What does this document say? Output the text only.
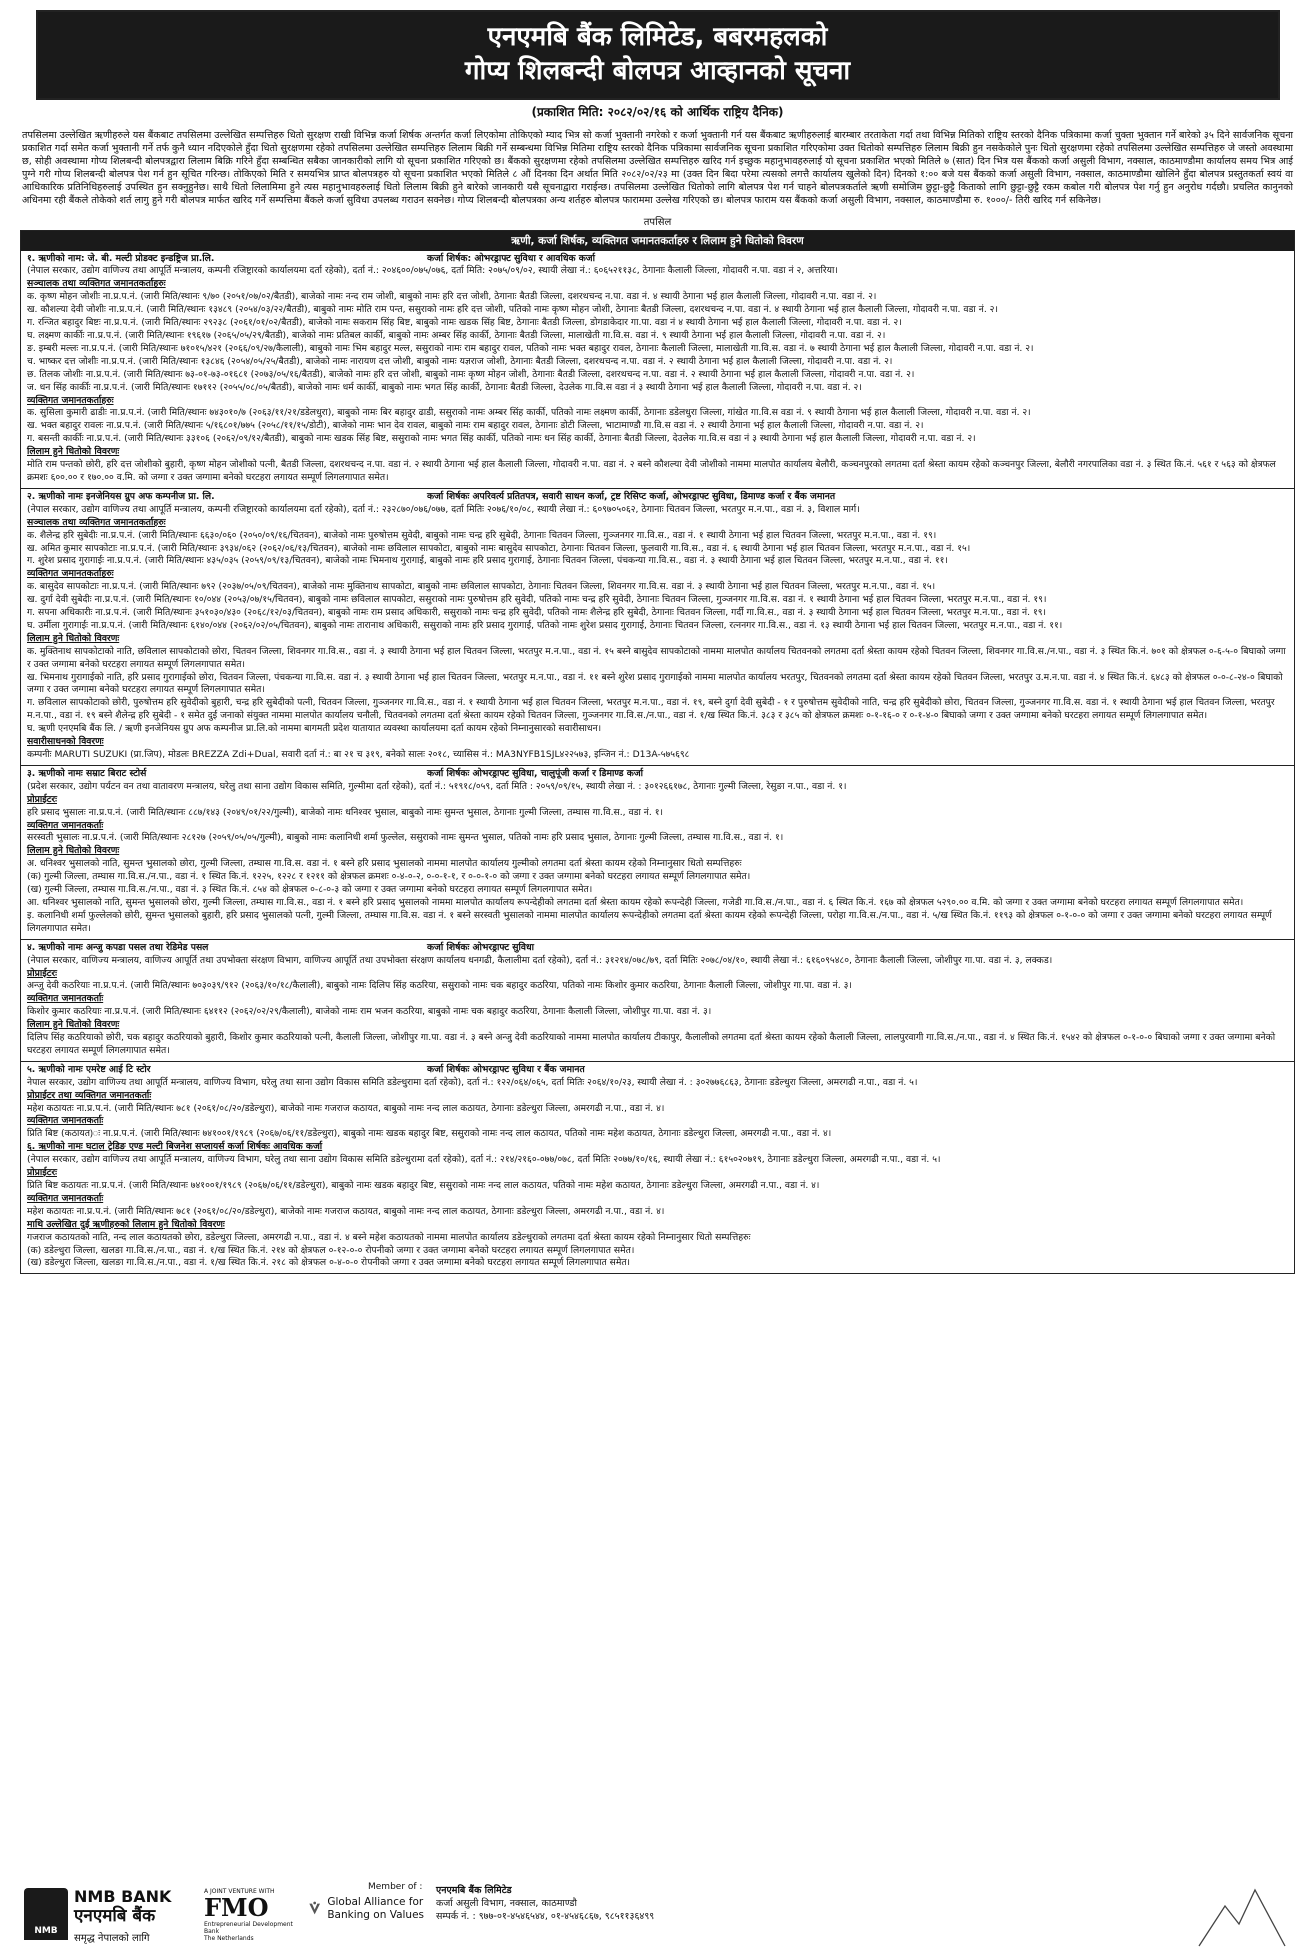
एनएमबि बैंक लिमिटेड, बबरमहलको
गोप्य शिलबन्दी बोलपत्र आव्हानको सूचना
(प्रकाशित मिति: २०८२/०२/१६ को आर्थिक राष्ट्रिय दैनिक)
तपसिलमा उल्लेखित ऋणीहरुले यस बैंकबाट तपसिलमा उल्लेखित सम्पत्तिहरु धितो सुरक्षण राखी विभिन्न कर्जा शिर्षक अन्तर्गत कर्जा लिएकोमा तोकिएको म्याद भित्र सो कर्जा भुक्तानी नगरेको र कर्जा भुक्तानी गर्न यस बैंकबाट ऋणीहरुलाई बारम्बार तरताकेता गर्दा तथा विभिन्न मितिको राष्ट्रिय स्तरको दैनिक पत्रिकामा कर्जा चुक्ता भुक्तान गर्ने बारेको ३५ दिने सार्वजनिक सूचना प्रकाशित गर्दा समेत कर्जा भुक्तानी गर्ने तर्फ कुनै ध्यान नदिएकोले हुँदा धितो सुरक्षणमा रहेको तपसिलमा उल्लेखित सम्पत्तिहरु लिलाम बिक्री गर्ने सम्बन्धमा विभिन्न मितिमा राष्ट्रिय स्तरको दैनिक पत्रिकामा सार्वजनिक सूचना प्रकाशित गरिएकोमा उक्त धितोको सम्पत्तिहरु लिलाम बिक्री हुन नसकेकोले पुनः धितो सुरक्षणमा रहेको तपसिलमा उल्लेखित सम्पत्तिहरु जे जस्तो अवस्थामा छ, सोही अवस्थामा गोप्य शिलबन्दी बोलपत्रद्वारा लिलाम बिक्रि गरिने हुँदा सम्बन्धित सबैका जानकारीको लागि यो सूचना प्रकाशित गरिएको छ। बैंकको सुरक्षणमा रहेको तपसिलमा उल्लेखित सम्पत्तिहरु खरिद गर्न इच्छुक महानुभावहरुलाई यो सूचना प्रकाशित भएको मितिले ७ (सात) दिन भित्र यस बैंकको कर्जा असुली विभाग, नक्साल, काठमाण्डौमा कार्यालय समय भित्र आई पुग्ने गरी गोप्य शिलबन्दी बोलपत्र पेश गर्न हुन सूचित गरिन्छ। तोकिएको मिति र समयभित्र प्राप्त बोलपत्रहरु यो सूचना प्रकाशित भएको मितिले ८ औं दिनका दिन अर्थात मिति २०८२/०२/२३ मा (उक्त दिन बिदा परेमा त्यसको लगत्तै कार्यालय खुलेको दिन) दिनको १:०० बजे यस बैंकको कर्जा असुली विभाग, नक्साल, काठमाण्डौमा खोलिने हुँदा बोलपत्र प्रस्तुतकर्ता स्वयं वा आधिकारिक प्रतिनिधिहरुलाई उपस्थित हुन सक्नुहुनेछ। साथै धितो लिलामिमा हुने त्यस महानुभावहरुलाई धितो लिलाम बिक्री हुने बारेको जानकारी यसै सूचनाद्वारा गराईन्छ। तपसिलमा उल्लेखित धितोको लागि बोलपत्र पेश गर्न चाहने बोलपत्रकर्ताले ऋणी समोजिम छुट्टा-छुट्टै किताको लागि छुट्टा-छुट्टै रकम कबोल गरी बोलपत्र पेश गर्नु हुन अनुरोध गर्दछौ। प्रचलित कानुनको अधिनमा रही बैंकले तोकेको शर्त लागु हुने गरी बोलपत्र मार्फत खरिद गर्ने सम्पत्तिमा बैंकले कर्जा सुविधा उपलब्ध गराउन सक्नेछ। गोप्य शिलबन्दी बोलपत्रका अन्य शर्तहरु बोलपत्र फाराममा उल्लेख गरिएको छ। बोलपत्र फाराम यस बैंकको कर्जा असुली विभाग, नक्साल, काठमाण्डौमा रु. १०००/- तिरी खरिद गर्न सकिनेछ।
तपसिल
ऋणी, कर्जा शिर्षक, व्यक्तिगत जमानतकर्ताहरु र लिलाम हुने धितोको विवरण
१. ऋणीको नाम: जे. बी. मल्टी प्रोडक्ट इन्डष्ट्रिज प्रा.लि.	कर्जा शिर्षक: ओभरड्राफ्ट सुविधा र आवधिक कर्जा
(नेपाल सरकार, उद्योग वाणिज्य तथा आपूर्ति मन्त्रालय, कम्पनी रजिष्ट्रारको कार्यालयमा दर्ता रहेको), दर्ता नं.: २०४६००/०७५/०७६, दर्ता मिति: २०७५/०९/०२, स्थायी लेखा नं.: ६०६५२११३८, ठेगानाः कैलाली जिल्ला, गोदावरी न.पा. वडा नं २, अत्तरिया।
सञ्चालक तथा व्यक्तिगत जमानतकर्ताहरुः
क. कृष्ण मोहन जोशीः ना.प्र.प.नं. (जारी मिति/स्थानः ९/७० (२०५१/०७/०२/बैतडी), बाजेको नामः नन्द राम जोशी, बाबुको नामः हरि दत्त जोशी, ठेगानाः बैतडी जिल्ला, दशरथचन्द न.पा. वडा नं. ४ स्थायी ठेगाना भई हाल कैलाली जिल्ला, गोदावरी न.पा. वडा नं. २।
ख. कौशल्या देवी जोशीः ना.प्र.प.नं. (जारी मिति/स्थानः १३४८९ (२०५४/०३/२२/बैतडी), बाबुको नामः मोति राम पन्त, ससुराको नामः हरि दत्त जोशी, पतिको नामः कृष्ण मोहन जोशी, ठेगानाः बैतडी जिल्ला, दशरथचन्द न.पा. वडा नं. ४ स्थायी ठेगाना भई हाल कैलाली जिल्ला, गोदावरी न.पा. वडा नं. २।
ग. रन्जित बहादुर बिष्टः ना.प्र.प.नं. (जारी मिति/स्थानः २९२३८ (२०६१/०१/०२/बैतडी), बाजेको नामः सकराम सिंह बिष्ट, बाबुको नामः खडक सिंह बिष्ट, ठेगानाः बैतडी जिल्ला, डोगडाकेदार गा.पा. वडा नं ४ स्थायी ठेगाना भई हाल कैलाली जिल्ला, गोदावरी न.पा. वडा नं. २।
घ. लक्ष्मण कार्कीः ना.प्र.प.नं. (जारी मिति/स्थानः १९६१७ (२०६५/०५/२९/बैतडी), बाजेको नामः प्रतिबल कार्की, बाबुको नामः अम्बर सिंह कार्की, ठेगानाः बैतडी जिल्ला, मालाखेती गा.वि.स. वडा नं. ९ स्थायी ठेगाना भई हाल कैलाली जिल्ला, गोदावरी न.पा. वडा नं. २।
ङ. इम्बरी मल्लः ना.प्र.प.नं. (जारी मिति/स्थानः ७१०१५/४२१ (२०६६/०९/२७/कैलाली), बाबुको नामः भिम बहादुर मल्ल, ससुराको नामः राम बहादुर रावल, पतिको नामः भक्त बहादुर रावल, ठेगानाः कैलाली जिल्ला, मालाखेती गा.वि.स. वडा नं. ७ स्थायी ठेगाना भई हाल कैलाली जिल्ला, गोदावरी न.पा. वडा नं. २।
च. भाष्कर दत्त जोशीः ना.प्र.प.नं. (जारी मिति/स्थानः १३८४६ (२०५४/०५/२५/बैतडी), बाजेको नामः नारायण दत्त जोशी, बाबुको नामः यज्ञराज जोशी, ठेगानाः बैतडी जिल्ला, दशरथचन्द न.पा. वडा नं. २ स्थायी ठेगाना भई हाल कैलाली जिल्ला, गोदावरी न.पा. वडा नं. २।
छ. तिलक जोशीः ना.प्र.प.नं. (जारी मिति/स्थानः ७३-०१-७३-०१६८१ (२०७३/०५/१६/बैतडी), बाजेको नामः हरि दत्त जोशी, बाबुको नामः कृष्ण मोहन जोशी, ठेगानाः बैतडी जिल्ला, दशरथचन्द न.पा. वडा नं. २ स्थायी ठेगाना भई हाल कैलाली जिल्ला, गोदावरी न.पा. वडा नं. २।
ज. धन सिंह कार्कीः ना.प्र.प.नं. (जारी मिति/स्थानः १७११२ (२०५५/०८/०५/बैतडी), बाजेको नामः धर्म कार्की, बाबुको नामः भगत सिंह कार्की, ठेगानाः बैतडी जिल्ला, देउलेक गा.वि.स वडा नं ३ स्थायी ठेगाना भई हाल कैलाली जिल्ला, गोदावरी न.पा. वडा नं. २।
व्यक्तिगत जमानतकर्ताहरुः
क. सुसिला कुमारी ढाडीः ना.प्र.प.नं. (जारी मिति/स्थानः ७४३०१०/७ (२०६३/११/२१/डडेलधुरा), बाबुको नामः बिर बहादुर ढाडी, ससुराको नामः अम्बर सिंह कार्की, पतिको नामः लक्ष्मण कार्की, ठेगानाः डडेलधुरा जिल्ला, गांखेत गा.वि.स वडा नं. ९ स्थायी ठेगाना भई हाल कैलाली जिल्ला, गोदावरी न.पा. वडा नं. २।
ख. भक्त बहादुर रावलः ना.प्र.प.नं. (जारी मिति/स्थानः ५/१६८०१/७७५ (२०५८/११/१५/डोटी), बाजेको नामः भान देव रावल, बाबुको नामः राम बहादुर रावल, ठेगानाः डोटी जिल्ला, भाटामाण्डौ गा.वि.स वडा नं. २ स्थायी ठेगाना भई हाल कैलाली जिल्ला, गोदावरी न.पा. वडा नं. २।
ग. बसन्ती कार्कीः ना.प्र.प.नं. (जारी मिति/स्थानः ३३१०६ (२०६२/०९/१२/बैतडी), बाबुको नामः खडक सिंह बिष्ट, ससुराको नामः भगत सिंह कार्की, पतिको नामः धन सिंह कार्की, ठेगानाः बैतडी जिल्ला, देउलेक गा.वि.स वडा नं ३ स्थायी ठेगाना भई हाल कैलाली जिल्ला, गोदावरी न.पा. वडा नं. २।
लिलाम हुने धितोको विवरणः
मोति राम पन्तको छोरी, हरि दत्त जोशीको बुहारी, कृष्ण मोहन जोशीको पत्नी, बैतडी जिल्ला, दशरथचन्द न.पा. वडा नं. २ स्थायी ठेगाना भई हाल कैलाली जिल्ला, गोदावरी न.पा. वडा नं. २ बस्ने कौशल्या देवी जोशीको नाममा मालपोत कार्यालय बेलौरी, कञ्चनपुरको लगतमा दर्ता श्रेस्ता कायम रहेको कञ्चनपुर जिल्ला, बेलौरी नगरपालिका वडा नं. ३ स्थित कि.नं. ५६१ र ५६३ को क्षेत्रफल क्रमशः ६००.०० र १७०.०० व.मि. को जग्गा र उक्त जग्गामा बनेको घरटहरा लगायत सम्पूर्ण लिगलगापात समेत।
२. ऋणीको नामः इनजेनियस ग्रुप अफ कम्पनीज प्रा. लि.	कर्जा शिर्षकः अपरिवर्त्य प्रतितपत्र, सवारी साधन कर्जा, ट्रष्ट रिसिप्ट कर्जा, ओभरड्राफ्ट सुविधा, डिमाण्ड कर्जा र बैंक जमानत
(नेपाल सरकार, उद्योग वाणिज्य तथा आपूर्ति मन्त्रालय, कम्पनी रजिष्ट्रारको कार्यालयमा दर्ता रहेको), दर्ता नं.: २३२८७०/०७६/०७७, दर्ता मितिः २०७६/१०/०८, स्थायी लेखा नं.: ६०९७०५०६२, ठेगानाः चितवन जिल्ला, भरतपुर म.न.पा., वडा नं. ३, विशाल मार्ग।
सञ्चालक तथा व्यक्तिगत जमानतकर्ताहरुः
क. शैलेन्द्र हरि सुबेदीः ना.प्र.प.नं. (जारी मिति/स्थानः ६६३०/०६० (२०५०/०९/१६/चितवन), बाजेको नामः पुरुषोत्तम सुवेदी, बाबुको नामः चन्द्र हरि सुबेदी, ठेगानाः चितवन जिल्ला, गुञ्जनगर गा.वि.स., वडा नं. १ स्थायी ठेगाना भई हाल चितवन जिल्ला, भरतपुर म.न.पा., वडा नं. १९।
ख. अमित कुमार सापकोटाः ना.प्र.प.नं. (जारी मिति/स्थानः ३९३४/०६२ (२०६२/०६/१३/चितवन), बाजेको नामः छविलाल सापकोटा, बाबुको नामः बासुदेव सापकोटा, ठेगानाः चितवन जिल्ला, फुलवारी गा.वि.स., वडा नं. ६ स्थायी ठेगाना भई हाल चितवन जिल्ला, भरतपुर म.न.पा., वडा नं. १५।
ग. शुरेश प्रसाद गुरागाईः ना.प्र.प.नं. (जारी मिति/स्थानः ४३५/०३५ (२०५९/०९/१३/चितवन), बाजेको नामः भिमनाथ गुरागाई, बाबुको नामः हरि प्रसाद गुरागाई, ठेगानाः चितवन जिल्ला, पंचकन्या गा.वि.स., वडा नं. ३ स्थायी ठेगाना भई हाल चितवन जिल्ला, भरतपुर म.न.पा., वडा नं. ११।
व्यक्तिगत जमानतकर्ताहरुः
क. बासुदेव सापकोटाः ना.प्र.प.नं. (जारी मिति/स्थानः ७९२ (२०३७/०५/०९/चितवन), बाजेको नामः मुक्तिनाथ सापकोटा, बाबुको नामः छविलाल सापकोटा, ठेगानाः चितवन जिल्ला, शिवनगर गा.वि.स. वडा नं. ३ स्थायी ठेगाना भई हाल चितवन जिल्ला, भरतपुर म.न.पा., वडा नं. १५।
ख. दुर्गा देवी सुबेदीः ना.प्र.प.नं. (जारी मिति/स्थानः १०/०४४ (२०५३/०७/१५/चितवन), बाबुको नामः छविलाल सापकोटा, ससुराको नामः पुरुषोत्तम हरि सुवेदी, पतिको नामः चन्द्र हरि सुवेदी, ठेगानाः चितवन जिल्ला, गुञ्जनगर गा.वि.स. वडा नं. १ स्थायी ठेगाना भई हाल चितवन जिल्ला, भरतपुर म.न.पा., वडा नं. १९।
ग. सपना अधिकारीः ना.प्र.प.नं. (जारी मिति/स्थानः ३५१०३०/४३० (२०६८/१२/०३/चितवन), बाबुको नामः राम प्रसाद अधिकारी, ससुराको नामः चन्द्र हरि सुवेदी, पतिको नामः शैलेन्द्र हरि सुबेदी, ठेगानाः चितवन जिल्ला, गर्दी गा.वि.स., वडा नं. ३ स्थायी ठेगाना भई हाल चितवन जिल्ला, भरतपुर म.न.पा., वडा नं. १९।
घ. उर्मीला गुरागाईः ना.प्र.प.नं. (जारी मिति/स्थानः ६१४०/०४४ (२०६२/०२/०५/चितवन), बाबुको नामः तारानाथ अधिकारी, ससुराको नामः हरि प्रसाद गुरागाई, पतिको नामः शुरेश प्रसाद गुरागाई, ठेगानाः चितवन जिल्ला, रत्ननगर गा.वि.स., वडा नं. १३ स्थायी ठेगाना भई हाल चितवन जिल्ला, भरतपुर म.न.पा., वडा नं. ११।
लिलाम हुने धितोको विवरणः
क. मुक्तिनाथ सापकोटाको नाति, छविलाल सापकोटाको छोरा, चितवन जिल्ला, शिवनगर गा.वि.स., वडा नं. ३ स्थायी ठेगाना भई हाल चितवन जिल्ला, भरतपुर म.न.पा., वडा नं. १५ बस्ने बासुदेव सापकोटाको नाममा मालपोत कार्यालय चितवनको लगतमा दर्ता श्रेस्ता कायम रहेको चितवन जिल्ला, शिवनगर गा.वि.स./न.पा., वडा नं. ३ स्थित कि.नं. ७०१ को क्षेत्रफल ०-६-५-० बिघाको जग्गा र उक्त जग्गामा बनेको घरटहरा लगायत सम्पूर्ण लिगलगापात समेत।
ख. भिमनाथ गुरागाईको नाति, हरि प्रसाद गुरागाईको छोरा, चितवन जिल्ला, पंचकन्या गा.वि.स. वडा नं. ३ स्थायी ठेगाना भई हाल चितवन जिल्ला, भरतपुर म.न.पा., वडा नं. ११ बस्ने शुरेश प्रसाद गुरागाईको नाममा मालपोत कार्यालय भरतपुर, चितवनको लगतमा दर्ता श्रेस्ता कायम रहेको चितवन जिल्ला, भरतपुर उ.म.न.पा. वडा नं. ४ स्थित कि.नं. ६४८३ को क्षेत्रफल ०-०-८-२४-० बिघाको जग्गा र उक्त जग्गामा बनेको घरटहरा लगायत सम्पूर्ण लिगलगापात समेत।
ग. छविलाल सापकोटाको छोरी, पुरुषोत्तम हरि सुवेदीको बुहारी, चन्द्र हरि सुबेदीको पत्नी, चितवन जिल्ला, गुञ्जनगर गा.वि.स., वडा नं. १ स्थायी ठेगाना भई हाल चितवन जिल्ला, भरतपुर म.न.पा., वडा नं. १९, बस्ने दुर्गा देवी सुबेदी - १ र पुरुषोत्तम सुवेदीको नाति, चन्द्र हरि सुबेदीको छोरा, चितवन जिल्ला, गुञ्जनगर गा.वि.स. वडा नं. १ स्थायी ठेगाना भई हाल चितवन जिल्ला, भरतपुर म.न.पा., वडा नं. १९ बस्ने शैलेन्द्र हरि सुबेदी - १ समेत दुई जनाको संयुक्त नाममा मालपोत कार्यालय चनौली, चितवनको लगतमा दर्ता श्रेस्ता कायम रहेको चितवन जिल्ला, गुञ्जनगर गा.वि.स./न.पा., वडा नं. १/ख स्थित कि.नं. ३८३ र ३८५ को क्षेत्रफल क्रमशः ०-१-१६-० र ०-१-४-० बिघाको जग्गा र उक्त जग्गामा बनेको घरटहरा लगायत सम्पूर्ण लिगलगापात समेत।
घ. ऋणी एनएमबि बैंक लि. / ऋणी इनजेनियस ग्रुप अफ कम्पनीज प्रा.लि.को नाममा बागमती प्रदेश यातायात व्यवस्था कार्यालयमा दर्ता कायम रहेको निम्नानुसारको सवारीसाधन।
सवारीसाधनको विवरणः
कम्पनीः MARUTI SUZUKI (प्रा.जिप), मोडलः BREZZA Zdi+Dual, सवारी दर्ता नं.: बा २१ च ३१९, बनेको सालः २०१८, च्यासिस नं.: MA3NYFB1SJL४२२५७३, इन्जिन नं.: D13A-५७५६९८
३. ऋणीको नामः सम्राट बिराट स्टोर्स	कर्जा शिर्षकः ओभरड्राफ्ट सुविधा, चालुपूंजी कर्जा र डिमाण्ड कर्जा
(प्रदेश सरकार, उद्योग पर्यटन वन तथा वातावरण मन्त्रालय, घरेलु तथा साना उद्योग विकास समिति, गुल्मीमा दर्ता रहेको), दर्ता नं.: ५१९१८/०५९, दर्ता मिति : २०५९/०९/१५, स्थायी लेखा नं. : ३०१२६६१७८, ठेगानाः गुल्मी जिल्ला, रेसुङा न.पा., वडा नं. १।
प्रोप्राईटरः
हरि प्रसाद भुसालः ना.प्र.प.नं. (जारी मिति/स्थानः ८८७/१४३ (२०४९/०१/२२/गुल्मी), बाजेको नामः धनिश्वर भुसाल, बाबुको नामः सुमन्त भुसाल, ठेगानाः गुल्मी जिल्ला, तम्घास गा.वि.स., वडा नं. १।
व्यक्तिगत जमानतकर्ताः
सरस्वती भुसालः ना.प्र.प.नं. (जारी मिति/स्थानः २८१२७ (२०५९/०५/०५/गुल्मी), बाबुको नामः कलानिधी शर्मा फुल्लेल, ससुराको नामः सुमन्त भुसाल, पतिको नामः हरि प्रसाद भुसाल, ठेगानाः गुल्मी जिल्ला, तम्घास गा.वि.स., वडा नं. १।
लिलाम हुने धितोको विवरणः
अ. धनिश्वर भुसालको नाति, सुमन्त भुसालको छोरा, गुल्मी जिल्ला, तम्घास गा.वि.स. वडा नं. १ बस्ने हरि प्रसाद भुसालको नाममा मालपोत कार्यालय गुल्मीको लगतमा दर्ता श्रेस्ता कायम रहेको निम्नानुसार धितो सम्पत्तिहरुः
(क) गुल्मी जिल्ला, तम्घास गा.वि.स./न.पा., वडा नं. १ स्थित कि.नं. १२२५, १२२८ र १२११ को क्षेत्रफल क्रमशः ०-४-०-२, ०-०-१-१, र ०-०-१-० को जग्गा र उक्त जग्गामा बनेको घरटहरा लगायत सम्पूर्ण लिगलगापात समेत।
(ख) गुल्मी जिल्ला, तम्घास गा.वि.स./न.पा., वडा नं. ३ स्थित कि.नं. ८५४ को क्षेत्रफल ०-८-०-३ को जग्गा र उक्त जग्गामा बनेको घरटहरा लगायत सम्पूर्ण लिगलगापात समेत।
आ. धनिश्वर भुसालको नाति, सुमन्त भुसालको छोरा, गुल्मी जिल्ला, तम्घास गा.वि.स., वडा नं. १ बस्ने हरि प्रसाद भुसालको नाममा मालपोत कार्यालय रूपन्देहीको लगतमा दर्ता श्रेस्ता कायम रहेको रूपन्देही जिल्ला, गजेडी गा.वि.स./न.पा., वडा नं. ६ स्थित कि.नं. १६७ को क्षेत्रफल ५२९०.०० व.मि. को जग्गा र उक्त जग्गामा बनेको घरटहरा लगायत सम्पूर्ण लिगलगापात समेत।
इ. कलानिधी शर्मा फुल्लेलको छोरी, सुमन्त भुसालको बुहारी, हरि प्रसाद भुसालको पत्नी, गुल्मी जिल्ला, तम्घास गा.वि.स. वडा नं. १ बस्ने सरस्वती भुसालको नाममा मालपोत कार्यालय रूपन्देहीको लगतमा दर्ता श्रेस्ता कायम रहेको रूपन्देही जिल्ला, परोहा गा.वि.स./न.पा., वडा नं. ५/ख स्थित कि.नं. ११९३ को क्षेत्रफल ०-१-०-० को जग्गा र उक्त जग्गामा बनेको घरटहरा लगायत सम्पूर्ण लिगलगापात समेत।
४. ऋणीको नामः अन्जु कपडा पसल तथा रेडिमेड पसल	कर्जा शिर्षकः ओभरड्राफ्ट सुविधा
(नेपाल सरकार, वाणिज्य मन्त्रालय, वाणिज्य आपूर्ति तथा उपभोक्ता संरक्षण विभाग, वाणिज्य आपूर्ति तथा उपभोक्ता संरक्षण कार्यालय धनगढी, कैलालीमा दर्ता रहेको), दर्ता नं.: ३१२१४/०७८/७९, दर्ता मितिः २०७८/०४/१०, स्थायी लेखा नं.: ६१६०९५४८०, ठेगानाः कैलाली जिल्ला, जोशीपुर गा.पा. वडा नं. ३, लक्कड।
प्रोप्राईटरः
अन्जु देवी कठरियाः ना.प्र.प.नं. (जारी मिति/स्थानः ७०३०३९/९१२ (२०६३/१०/१८/कैलाली), बाबुको नामः दिलिप सिंह कठरिया, ससुराको नामः चक बहादुर कठरिया, पतिको नामः किशोर कुमार कठरिया, ठेगानाः कैलाली जिल्ला, जोशीपुर गा.पा. वडा नं. ३।
व्यक्तिगत जमानतकर्ताः
किशोर कुमार कठरियाः ना.प्र.प.नं. (जारी मिति/स्थानः ६४११२ (२०६२/०२/२९/कैलाली), बाजेको नामः राम भजन कठरिया, बाबुको नामः चक बहादुर कठरिया, ठेगानाः कैलाली जिल्ला, जोशीपुर गा.पा. वडा नं. ३।
लिलाम हुने धितोको विवरणः
दिलिप सिंह कठरियाको छोरी, चक बहादुर कठरियाको बुहारी, किशोर कुमार कठरियाको पत्नी, कैलाली जिल्ला, जोशीपुर गा.पा. वडा नं. ३ बस्ने अन्जु देवी कठरियाको नाममा मालपोत कार्यालय टीकापुर, कैलालीको लगतमा दर्ता श्रेस्ता कायम रहेको कैलाली जिल्ला, लालपुरवागी गा.वि.स./न.पा., वडा नं. ४ स्थित कि.नं. १५४२ को क्षेत्रफल ०-१-०-० बिघाको जग्गा र उक्त जग्गामा बनेको घरटहरा लगायत सम्पूर्ण लिगलगापात समेत।
५. ऋणीको नामः एमरेष्ट आई टि स्टोर	कर्जा शिर्षकः ओभरड्राफ्ट सुविधा र बैंक जमानत
नेपाल सरकार, उद्योग वाणिज्य तथा आपूर्ति मन्त्रालय, वाणिज्य विभाग, घरेलु तथा साना उद्योग विकास समिति डडेल्धुरामा दर्ता रहेको), दर्ता नं.: १२२/०६४/०६५, दर्ता मितिः २०६४/१०/२३, स्थायी लेखा नं. : ३०२७७६८६३, ठेगानाः डडेल्धुरा जिल्ला, अमरगढी न.पा., वडा नं. ५।
प्रोप्राईटर तथा व्यक्तिगत जमानतकर्ताः
महेश कठायतः ना.प्र.प.नं. (जारी मिति/स्थानः ७८१ (२०६१/०८/२०/डडेल्धुरा), बाजेको नामः गजराज कठायत, बाबुको नामः नन्द लाल कठायत, ठेगानाः डडेल्धुरा जिल्ला, अमरगढी न.पा., वडा नं. ४।
व्यक्तिगत जमानतकर्ताः
प्रिति बिष्ट (कठायत)ः ना.प्र.प.नं. (जारी मिति/स्थानः ७४१००१/१९८९ (२०६७/०६/११/डडेल्धुरा), बाबुको नामः खडक बहादुर बिष्ट, ससुराको नामः नन्द लाल कठायत, पतिको नामः महेश कठायत, ठेगानाः डडेल्धुरा जिल्ला, अमरगढी न.पा., वडा नं. ४।
६. ऋणीको नामः घटाल ट्रेडिङ एण्ड मल्टी बिजनेश सप्लायर्स कर्जा शिर्षकः आवधिक कर्जा
(नेपाल सरकार, उद्योग वाणिज्य तथा आपूर्ति मन्त्रालय, वाणिज्य विभाग, घरेलु तथा साना उद्योग विकास समिति डडेल्धुरामा दर्ता रहेको), दर्ता नं.: २१४/२१६०-०७७/०७८, दर्ता मितिः २०७७/१०/१६, स्थायी लेखा नं.: ६१५०२०७१९, ठेगानाः डडेल्धुरा जिल्ला, अमरगढी न.पा., वडा नं. ५।
प्रोप्राईटरः
प्रिति बिष्ट कठायतः ना.प्र.प.नं. (जारी मिति/स्थानः ७४१००१/१९८९ (२०६७/०६/११/डडेल्धुरा), बाबुको नामः खडक बहादुर बिष्ट, ससुराको नामः नन्द लाल कठायत, पतिको नामः महेश कठायत, ठेगानाः डडेल्धुरा जिल्ला, अमरगढी न.पा., वडा नं. ४।
व्यक्तिगत जमानतकर्ताः
महेश कठायतः ना.प्र.प.नं. (जारी मिति/स्थानः ७८१ (२०६१/०८/२०/डडेल्धुरा), बाजेको नामः गजराज कठायत, बाबुको नामः नन्द लाल कठायत, ठेगानाः डडेल्धुरा जिल्ला, अमरगढी न.पा., वडा नं. ४।
माथि उल्लेखित दुई ऋणीहरुको लिलाम हुने धितोको विवरणः
गजराज कठायतको नाति, नन्द लाल कठायतको छोरा, डडेल्धुरा जिल्ला, अमरगढी न.पा., वडा नं. ४ बस्ने महेश कठायतको नाममा मालपोत कार्यालय डडेल्धुराको लगतमा दर्ता श्रेस्ता कायम रहेको निम्नानुसार धितो सम्पत्तिहरुः
(क) डडेल्धुरा जिल्ला, खलङा गा.वि.स./न.पा., वडा नं. १/ख स्थित कि.नं. २१४ को क्षेत्रफल ०-१२-०-० रोपनीको जग्गा र उक्त जग्गामा बनेको घरटहरा लगायत सम्पूर्ण लिगलगापात समेत।
(ख) डडेल्धुरा जिल्ला, खलङा गा.वि.स./न.पा., वडा नं. १/ख स्थित कि.नं. २१८ को क्षेत्रफल ०-४-०-० रोपनीको जग्गा र उक्त जग्गामा बनेको घरटहरा लगायत सम्पूर्ण लिगलगापात समेत।
NMB
NMB BANK
एनएमबि बैंक
समृद्ध नेपालको लागि
A JOINT VENTURE WITH
FMO
Entrepreneurial Development Bank
The Netherlands
Member of :
Global Alliance for Banking on Values
एनएमबि बैंक लिमिटेड
कर्जा असुली विभाग, नक्साल, काठमाण्डौ
सम्पर्क नं. : ९७७-०१-४५४६५४४, ०१-४५४६८६७, ९८५११३६४९९
